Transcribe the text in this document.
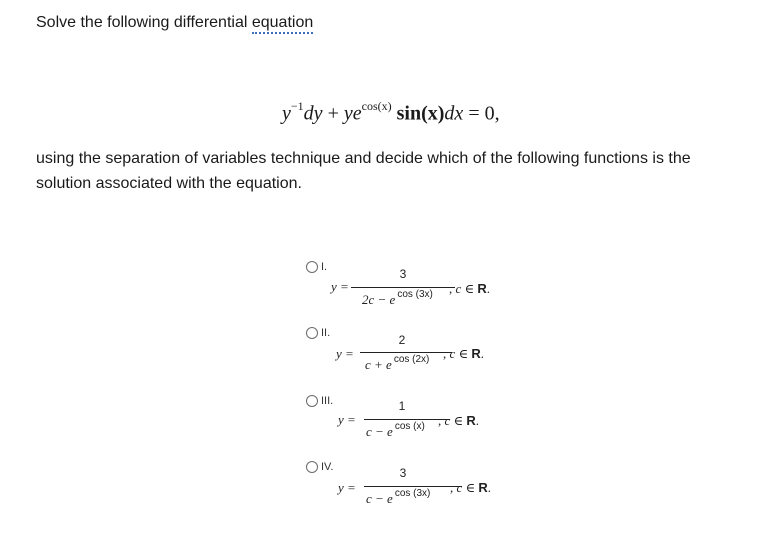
Solve the following differential equation
$y^{-1}dy + ye^{cos(x)}$ sin(x)dx = 0,
using the separation of variables technique and decide which of the following functions is the solution associated with the equation.
I.
y =
3
2c − e $^{cos (3x)}$ , c ∈ R.
II.
y =
2
c + e $^{cos (2x)}$ , c ∈ R.
III.
y =
1
c − e $^{cos (x)}$ , c ∈ R.
IV.
y =
3
c − e $^{cos (3x)}$ , c ∈ R.
